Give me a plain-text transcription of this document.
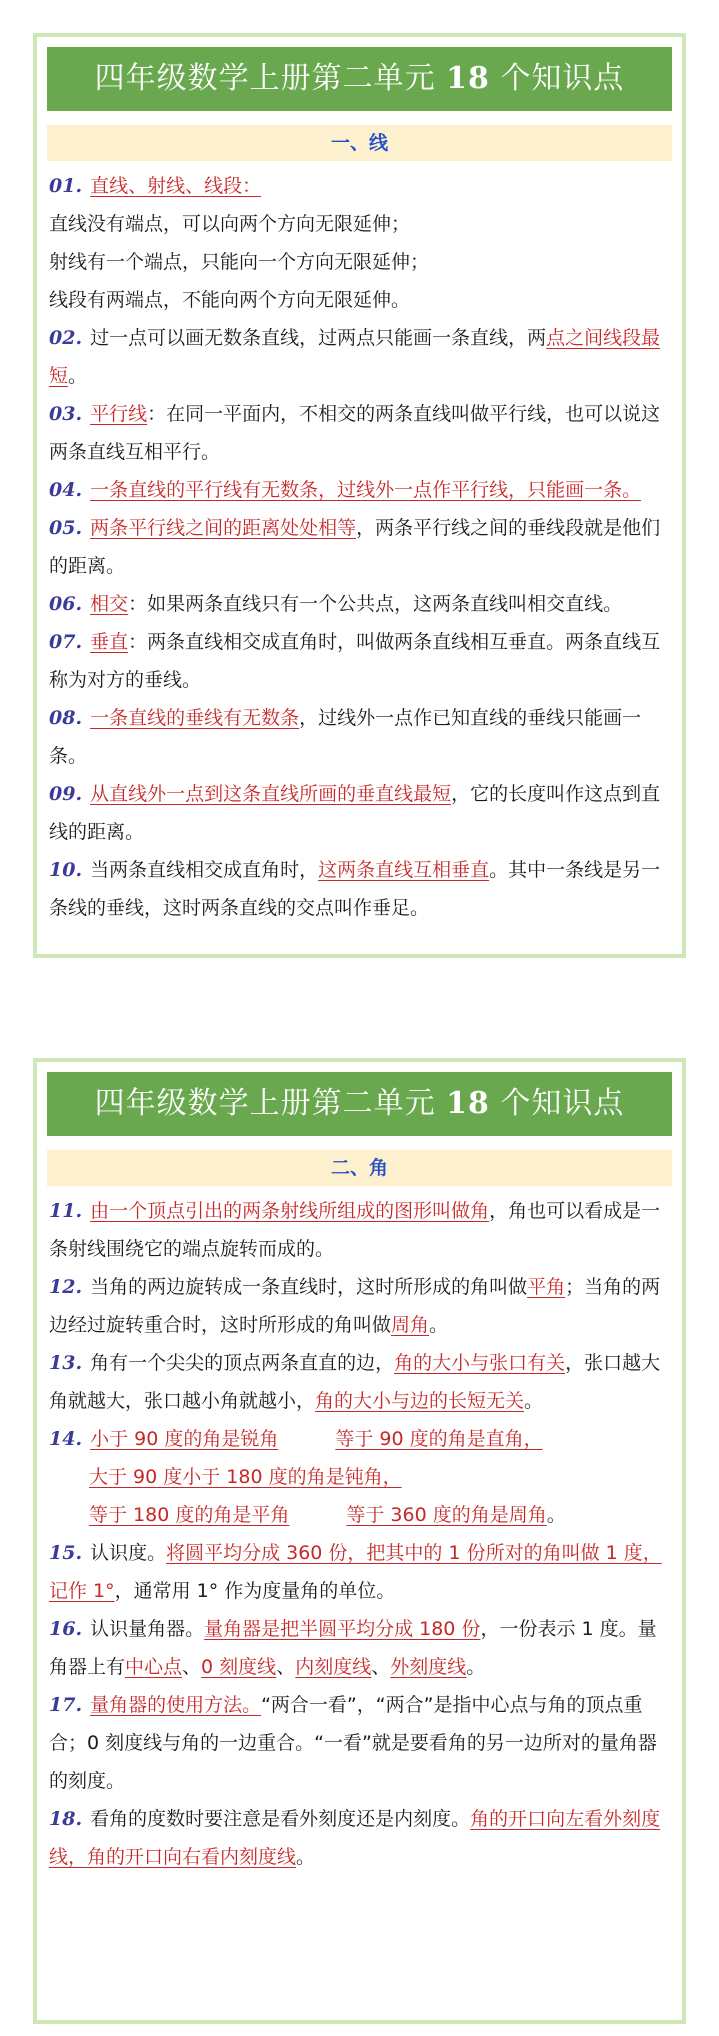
四年级数学上册第二单元 18 个知识点
一、线

01. 直线、射线、线段：

直线没有端点，可以向两个方向无限延伸；

射线有一个端点，只能向一个方向无限延伸；

线段有两端点，不能向两个方向无限延伸。

02. 过一点可以画无数条直线，过两点只能画一条直线，两点之间线段最短。

03. 平行线：在同一平面内，不相交的两条直线叫做平行线，也可以说这两条直线互相平行。

04. 一条直线的平行线有无数条，过线外一点作平行线，只能画一条。

05. 两条平行线之间的距离处处相等，两条平行线之间的垂线段就是他们的距离。

06. 相交：如果两条直线只有一个公共点，这两条直线叫相交直线。

07. 垂直：两条直线相交成直角时，叫做两条直线相互垂直。两条直线互称为对方的垂线。

08. 一条直线的垂线有无数条，过线外一点作已知直线的垂线只能画一条。

09. 从直线外一点到这条直线所画的垂直线最短，它的长度叫作这点到直线的距离。

10. 当两条直线相交成直角时，这两条直线互相垂直。其中一条线是另一条线的垂线，这时两条直线的交点叫作垂足。

四年级数学上册第二单元 18 个知识点
二、角

11. 由一个顶点引出的两条射线所组成的图形叫做角，角也可以看成是一条射线围绕它的端点旋转而成的。

12. 当角的两边旋转成一条直线时，这时所形成的角叫做平角；当角的两边经过旋转重合时，这时所形成的角叫做周角。

13. 角有一个尖尖的顶点两条直直的边，角的大小与张口有关，张口越大角就越大，张口越小角就越小，角的大小与边的长短无关。

14. 小于 90 度的角是锐角　　　	等于 90 度的角是直角，

大于 90 度小于 180 度的角是钝角，

等于 180 度的角是平角　　　	等于 360 度的角是周角。

15. 认识度。将圆平均分成 360 份，把其中的 1 份所对的角叫做 1 度，记作 1°，通常用 1° 作为度量角的单位。

16. 认识量角器。量角器是把半圆平均分成 180 份，一份表示 1 度。量角器上有中心点、0 刻度线、内刻度线、外刻度线。

17. 量角器的使用方法。“两合一看”，“两合”是指中心点与角的顶点重合；0 刻度线与角的一边重合。“一看”就是要看角的另一边所对的量角器的刻度。

18. 看角的度数时要注意是看外刻度还是内刻度。角的开口向左看外刻度线，角的开口向右看内刻度线。
